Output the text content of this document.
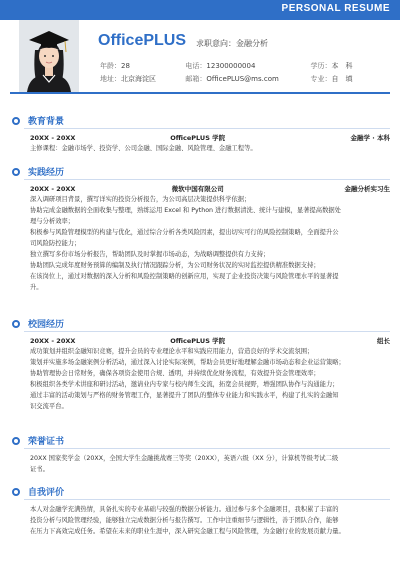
PERSONAL RESUME
OfficePLUS 求职意向：金融分析
年龄：28	电话：12300000004	学历：本　科
地址：北京海淀区	邮箱：OfficePLUS@ms.com	专业：自　填
教育背景
20XX - 20XX	OfficePLUS 学院	金融学 · 本科
主修课程：金融市场学、投资学、公司金融、国际金融、风险管理、金融工程等。
实践经历
20XX - 20XX	微软中国有限公司	金融分析实习生
深入调研项目背景，撰写详实的投资分析报告，为公司高层决策提供科学依据；
协助完成金融数据的全面收集与整理，熟练运用 Excel 和 Python 进行数据清洗、统计与建模，显著提高数据处
理与分析效率；
积极参与风险管理模型的构建与优化，通过综合分析各类风险因素，提出切实可行的风险控制策略，全面提升公
司风险防控能力；
独立撰写多份市场分析报告，帮助团队及时掌握市场动态，为战略调整提供有力支持；
协助团队完成年度财务预算的编制及执行情况跟踪分析，为公司财务状况的实时监控提供精准数据支持；
在该岗位上，通过对数据的深入分析和风险控制策略的创新应用，实现了企业投资决策与风险管理水平的显著提
升。
校园经历
20XX - 20XX	OfficePLUS 学院	组长
成功策划并组织金融知识竞赛，提升会员的专业理论水平和实践应用能力，营造良好的学术交流氛围；
策划并实施多场金融案例分析活动，通过深入讨论实际案例，帮助会员更好地理解金融市场动态和企业运营策略；
协助管理协会日常财务，确保各项资金使用合规、透明，并持续优化财务流程，有效提升资金管理效率；
积极组织各类学术讲座和研讨活动，邀请业内专家与校内师生交流，拓宽会员视野，增强团队协作与沟通能力；
通过丰富的活动策划与严格的财务管理工作，显著提升了团队的整体专业能力和实践水平，构建了扎实的金融知
识交流平台。
荣誉证书
20XX 国家奖学金（20XX，全国大学生金融挑战赛三等奖（20XX），英语六级（XX 分），计算机等级考试二级
证书。
自我评价
本人对金融学充满热情，具备扎实的专业基础与较强的数据分析能力。通过参与多个金融项目，我积累了丰富的
投资分析与风险管理经验，能够独立完成数据分析与报告撰写。工作中注重细节与逻辑性，善于团队合作，能够
在压力下高效完成任务。希望在未来的职业生涯中，深入研究金融工程与风险管理，为金融行业的发展贡献力量。
